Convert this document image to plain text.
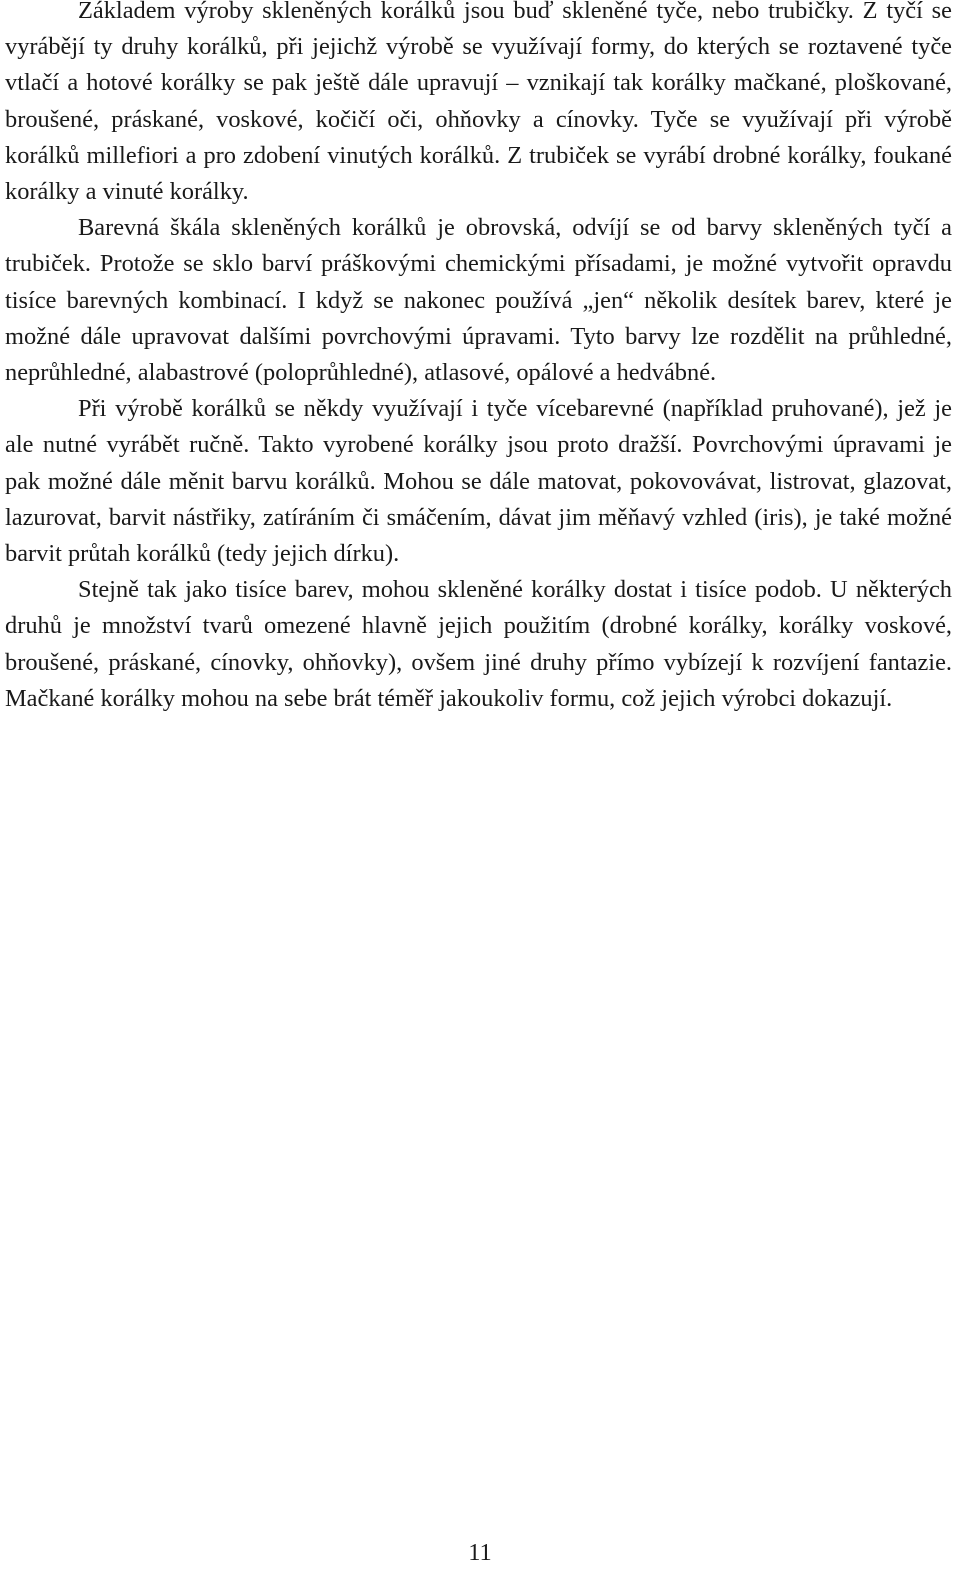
Základem výroby skleněných korálků jsou buď skleněné tyče, nebo trubičky. Z tyčí se vyrábějí ty druhy korálků, při jejichž výrobě se využívají formy, do kterých se roztavené tyče vtlačí a hotové korálky se pak ještě dále upravují – vznikají tak korálky mačkané, ploškované, broušené, práskané, voskové, kočičí oči, ohňovky a cínovky. Tyče se využívají při výrobě korálků millefiori a pro zdobení vinutých korálků. Z trubiček se vyrábí drobné korálky, foukané korálky a vinuté korálky.

Barevná škála skleněných korálků je obrovská, odvíjí se od barvy skleněných tyčí a trubiček. Protože se sklo barví práškovými chemickými přísadami, je možné vytvořit opravdu tisíce barevných kombinací. I když se nakonec používá „jen“ několik desítek barev, které je možné dále upravovat dalšími povrchovými úpravami. Tyto barvy lze rozdělit na průhledné, neprůhledné, alabastrové (poloprůhledné), atlasové, opálové a hedvábné.

Při výrobě korálků se někdy využívají i tyče vícebarevné (například pruhované), jež je ale nutné vyrábět ručně. Takto vyrobené korálky jsou proto dražší. Povrchovými úpravami je pak možné dále měnit barvu korálků. Mohou se dále matovat, pokovovávat, listrovat, glazovat, lazurovat, barvit nástřiky, zatíráním či smáčením, dávat jim měňavý vzhled (iris), je také možné barvit průtah korálků (tedy jejich dírku).

Stejně tak jako tisíce barev, mohou skleněné korálky dostat i tisíce podob. U některých druhů je množství tvarů omezené hlavně jejich použitím (drobné korálky, korálky voskové, broušené, práskané, cínovky, ohňovky), ovšem jiné druhy přímo vybízejí k rozvíjení fantazie. Mačkané korálky mohou na sebe brát téměř jakoukoliv formu, což jejich výrobci dokazují.

11
